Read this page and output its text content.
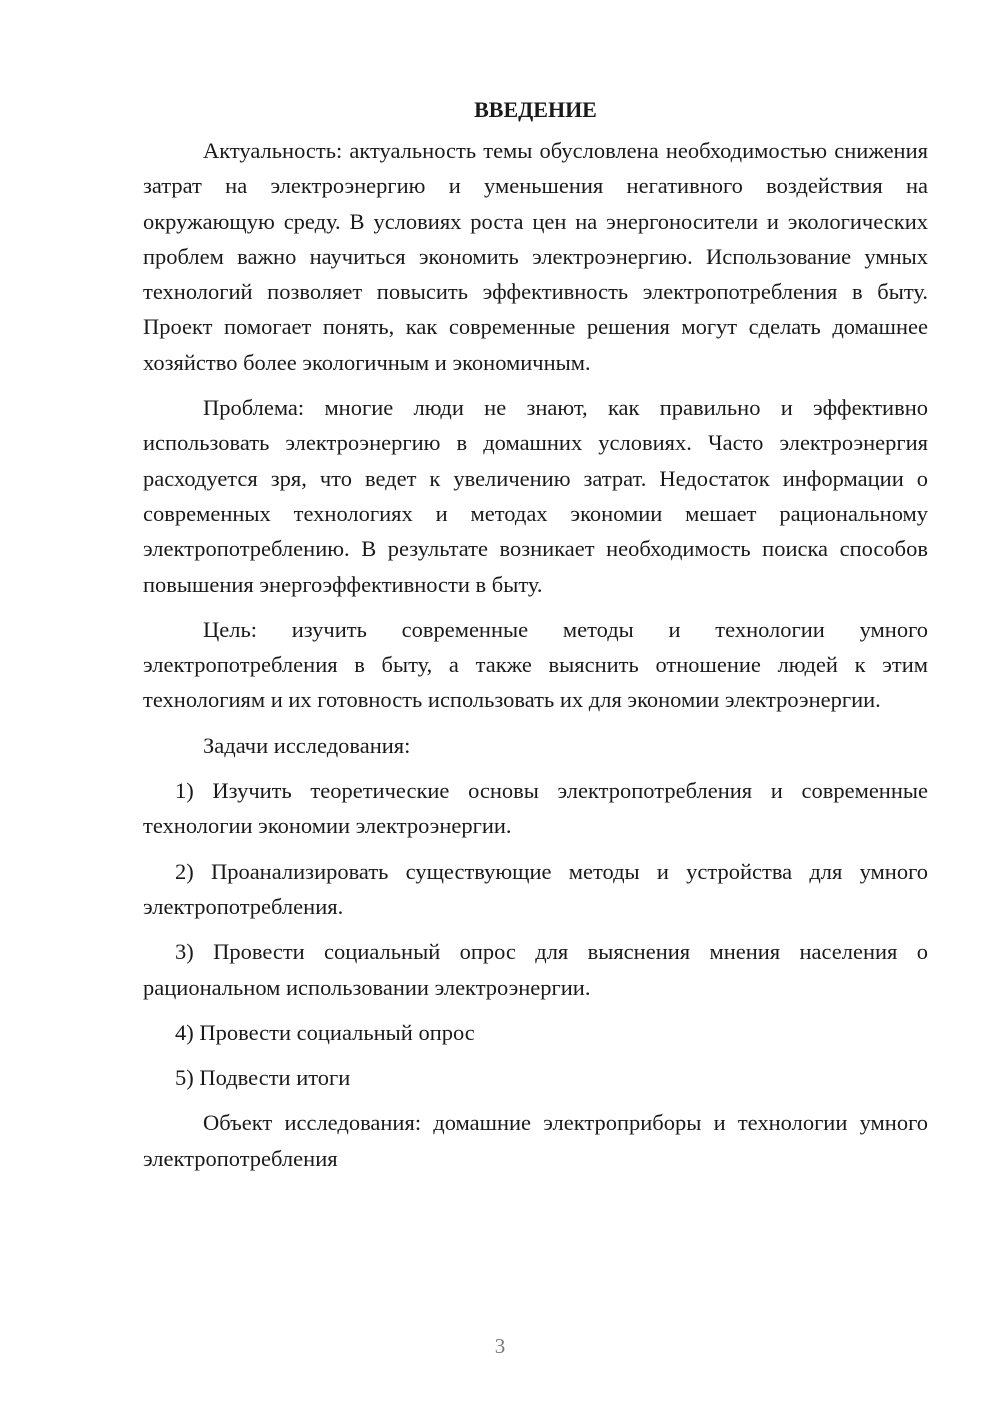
ВВЕДЕНИЕ

Актуальность: актуальность темы обусловлена необходимостью снижения затрат на электроэнергию и уменьшения негативного воздействия на окружающую среду. В условиях роста цен на энергоносители и экологических проблем важно научиться экономить электроэнергию. Использование умных технологий позволяет повысить эффективность электропотребления в быту. Проект помогает понять, как современные решения могут сделать домашнее хозяйство более экологичным и экономичным.

Проблема: многие люди не знают, как правильно и эффективно использовать электроэнергию в домашних условиях. Часто электроэнергия расходуется зря, что ведет к увеличению затрат. Недостаток информации о современных технологиях и методах экономии мешает рациональному электропотреблению. В результате возникает необходимость поиска способов повышения энергоэффективности в быту.

Цель: изучить современные методы и технологии умного электропотребления в быту, а также выяснить отношение людей к этим технологиям и их готовность использовать их для экономии электроэнергии.

Задачи исследования:

1) Изучить теоретические основы электропотребления и современные технологии экономии электроэнергии.

2) Проанализировать существующие методы и устройства для умного электропотребления.

3) Провести социальный опрос для выяснения мнения населения о рациональном использовании электроэнергии.

4) Провести социальный опрос

5) Подвести итоги

Объект исследования: домашние электроприборы и технологии умного электропотребления

3
